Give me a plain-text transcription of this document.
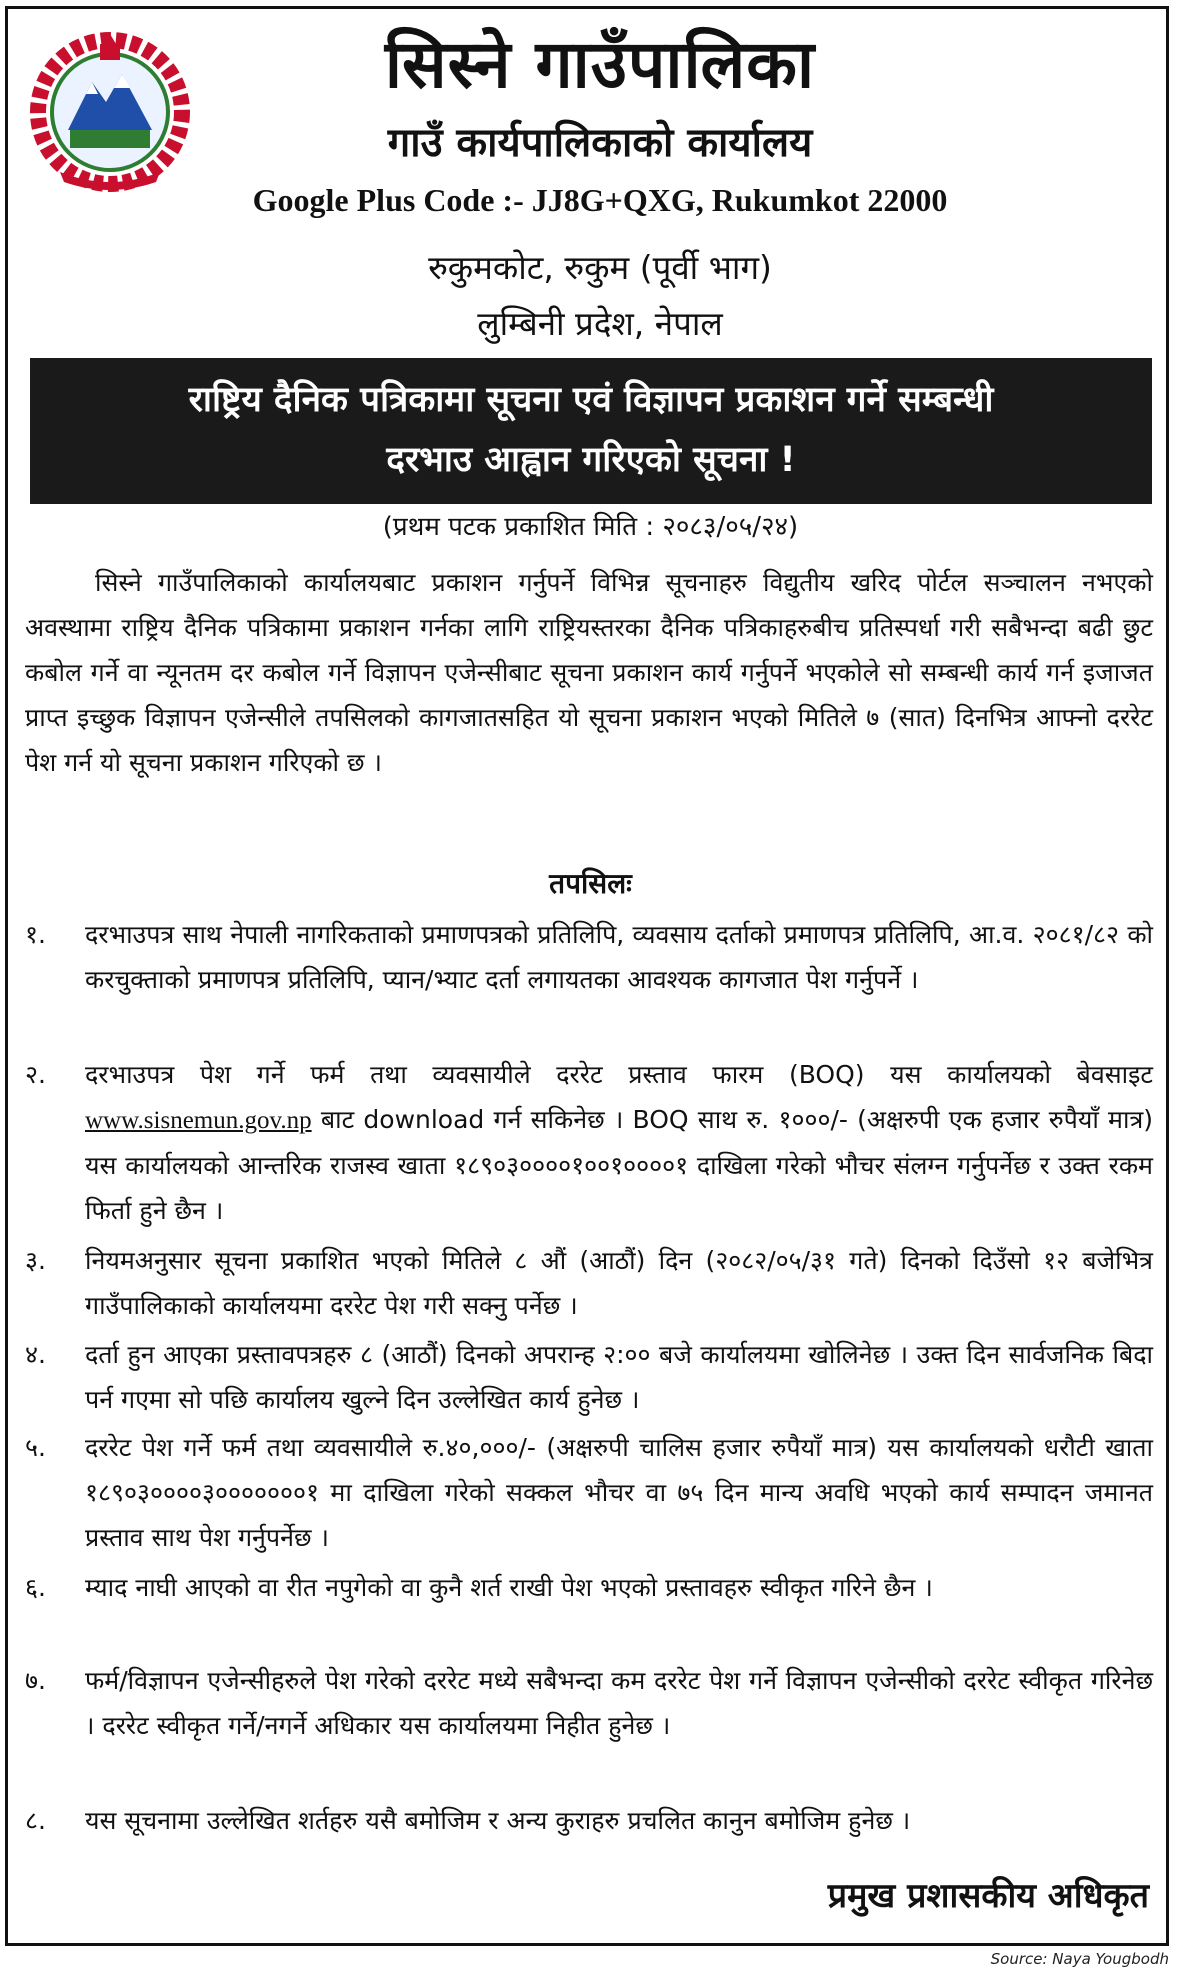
सिस्ने गाउँपालिका
गाउँ कार्यपालिकाको कार्यालय
Google Plus Code :- JJ8G+QXG, Rukumkot 22000
रुकुमकोट, रुकुम (पूर्वी भाग)
लुम्बिनी प्रदेश, नेपाल
राष्ट्रिय दैनिक पत्रिकामा सूचना एवं विज्ञापन प्रकाशन गर्ने सम्बन्धी
दरभाउ आह्वान गरिएको सूचना !
(प्रथम पटक प्रकाशित मिति : २०८३/०५/२४)

सिस्ने गाउँपालिकाको कार्यालयबाट प्रकाशन गर्नुपर्ने विभिन्न सूचनाहरु विद्युतीय खरिद पोर्टल सञ्चालन नभएको अवस्थामा राष्ट्रिय दैनिक पत्रिकामा प्रकाशन गर्नका लागि राष्ट्रियस्तरका दैनिक पत्रिकाहरुबीच प्रतिस्पर्धा गरी सबैभन्दा बढी छुट कबोल गर्ने वा न्यूनतम दर कबोल गर्ने विज्ञापन एजेन्सीबाट सूचना प्रकाशन कार्य गर्नुपर्ने भएकोले सो सम्बन्धी कार्य गर्न इजाजत प्राप्त इच्छुक विज्ञापन एजेन्सीले तपसिलको कागजातसहित यो सूचना प्रकाशन भएको मितिले ७ (सात) दिनभित्र आफ्नो दररेट पेश गर्न यो सूचना प्रकाशन गरिएको छ ।

तपसिलः
१.	दरभाउपत्र साथ नेपाली नागरिकताको प्रमाणपत्रको प्रतिलिपि, व्यवसाय दर्ताको प्रमाणपत्र प्रतिलिपि, आ.व. २०८१/८२ को करचुक्ताको प्रमाणपत्र प्रतिलिपि, प्यान/भ्याट दर्ता लगायतका आवश्यक कागजात पेश गर्नुपर्ने ।
२.	दरभाउपत्र पेश गर्ने फर्म तथा व्यवसायीले दररेट प्रस्ताव फारम (BOQ) यस कार्यालयको बेवसाइट www.sisnemun.gov.np बाट download गर्न सकिनेछ । BOQ साथ रु. १०००/- (अक्षरुपी एक हजार रुपैयाँ मात्र) यस कार्यालयको आन्तरिक राजस्व खाता १८९०३००००१००१००००१ दाखिला गरेको भौचर संलग्न गर्नुपर्नेछ र उक्त रकम फिर्ता हुने छैन ।
३.	नियमअनुसार सूचना प्रकाशित भएको मितिले ८ औं (आठौं) दिन (२०८२/०५/३१ गते) दिनको दिउँसो १२ बजेभित्र गाउँपालिकाको कार्यालयमा दररेट पेश गरी सक्नु पर्नेछ ।
४.	दर्ता हुन आएका प्रस्तावपत्रहरु ८ (आठौं) दिनको अपरान्ह २:०० बजे कार्यालयमा खोलिनेछ । उक्त दिन सार्वजनिक बिदा पर्न गएमा सो पछि कार्यालय खुल्ने दिन उल्लेखित कार्य हुनेछ ।
५.	दररेट पेश गर्ने फर्म तथा व्यवसायीले रु.४०,०००/- (अक्षरुपी चालिस हजार रुपैयाँ मात्र) यस कार्यालयको धरौटी खाता १८९०३००००३०००००००१ मा दाखिला गरेको सक्कल भौचर वा ७५ दिन मान्य अवधि भएको कार्य सम्पादन जमानत प्रस्ताव साथ पेश गर्नुपर्नेछ ।
६.	म्याद नाघी आएको वा रीत नपुगेको वा कुनै शर्त राखी पेश भएको प्रस्तावहरु स्वीकृत गरिने छैन ।
७.	फर्म/विज्ञापन एजेन्सीहरुले पेश गरेको दररेट मध्ये सबैभन्दा कम दररेट पेश गर्ने विज्ञापन एजेन्सीको दररेट स्वीकृत गरिनेछ । दररेट स्वीकृत गर्ने/नगर्ने अधिकार यस कार्यालयमा निहीत हुनेछ ।
८.	यस सूचनामा उल्लेखित शर्तहरु यसै बमोजिम र अन्य कुराहरु प्रचलित कानुन बमोजिम हुनेछ ।
प्रमुख प्रशासकीय अधिकृत
Source: Naya Yougbodh
